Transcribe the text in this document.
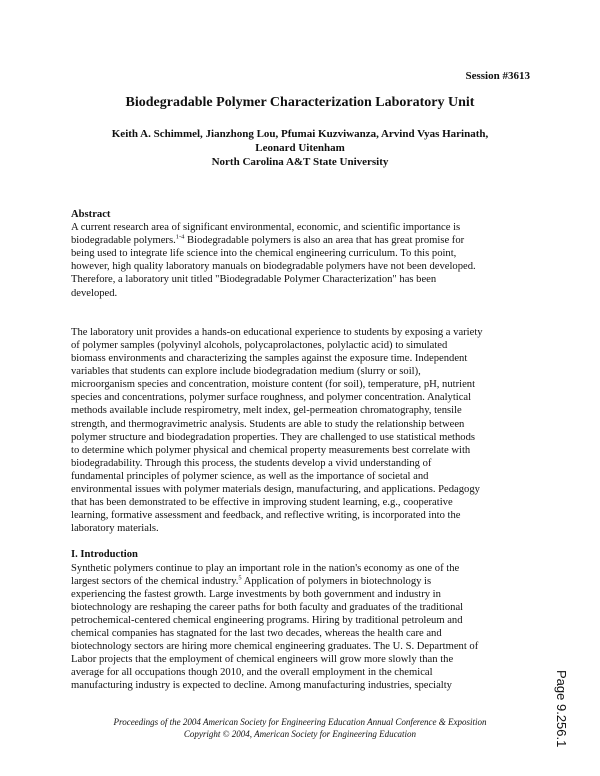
Session #3613
Biodegradable Polymer Characterization Laboratory Unit
Keith A. Schimmel, Jianzhong Lou, Pfumai Kuzviwanza, Arvind Vyas Harinath,
Leonard Uitenham
North Carolina A&T State University
Abstract
A current research area of significant environmental, economic, and scientific importance is
biodegradable polymers.$^{1-4}$ Biodegradable polymers is also an area that has great promise for
being used to integrate life science into the chemical engineering curriculum. To this point,
however, high quality laboratory manuals on biodegradable polymers have not been developed.
Therefore, a laboratory unit titled "Biodegradable Polymer Characterization" has been
developed.
The laboratory unit provides a hands-on educational experience to students by exposing a variety
of polymer samples (polyvinyl alcohols, polycaprolactones, polylactic acid) to simulated
biomass environments and characterizing the samples against the exposure time. Independent
variables that students can explore include biodegradation medium (slurry or soil),
microorganism species and concentration, moisture content (for soil), temperature, pH, nutrient
species and concentrations, polymer surface roughness, and polymer concentration. Analytical
methods available include respirometry, melt index, gel-permeation chromatography, tensile
strength, and thermogravimetric analysis. Students are able to study the relationship between
polymer structure and biodegradation properties. They are challenged to use statistical methods
to determine which polymer physical and chemical property measurements best correlate with
biodegradability. Through this process, the students develop a vivid understanding of
fundamental principles of polymer science, as well as the importance of societal and
environmental issues with polymer materials design, manufacturing, and applications. Pedagogy
that has been demonstrated to be effective in improving student learning, e.g., cooperative
learning, formative assessment and feedback, and reflective writing, is incorporated into the
laboratory materials.
I. Introduction
Synthetic polymers continue to play an important role in the nation's economy as one of the
largest sectors of the chemical industry.$^5$ Application of polymers in biotechnology is
experiencing the fastest growth. Large investments by both government and industry in
biotechnology are reshaping the career paths for both faculty and graduates of the traditional
petrochemical-centered chemical engineering programs. Hiring by traditional petroleum and
chemical companies has stagnated for the last two decades, whereas the health care and
biotechnology sectors are hiring more chemical engineering graduates. The U. S. Department of
Labor projects that the employment of chemical engineers will grow more slowly than the
average for all occupations though 2010, and the overall employment in the chemical
manufacturing industry is expected to decline. Among manufacturing industries, specialty	Page 9.256.1
Proceedings of the 2004 American Society for Engineering Education Annual Conference & Exposition
Copyright © 2004, American Society for Engineering Education
